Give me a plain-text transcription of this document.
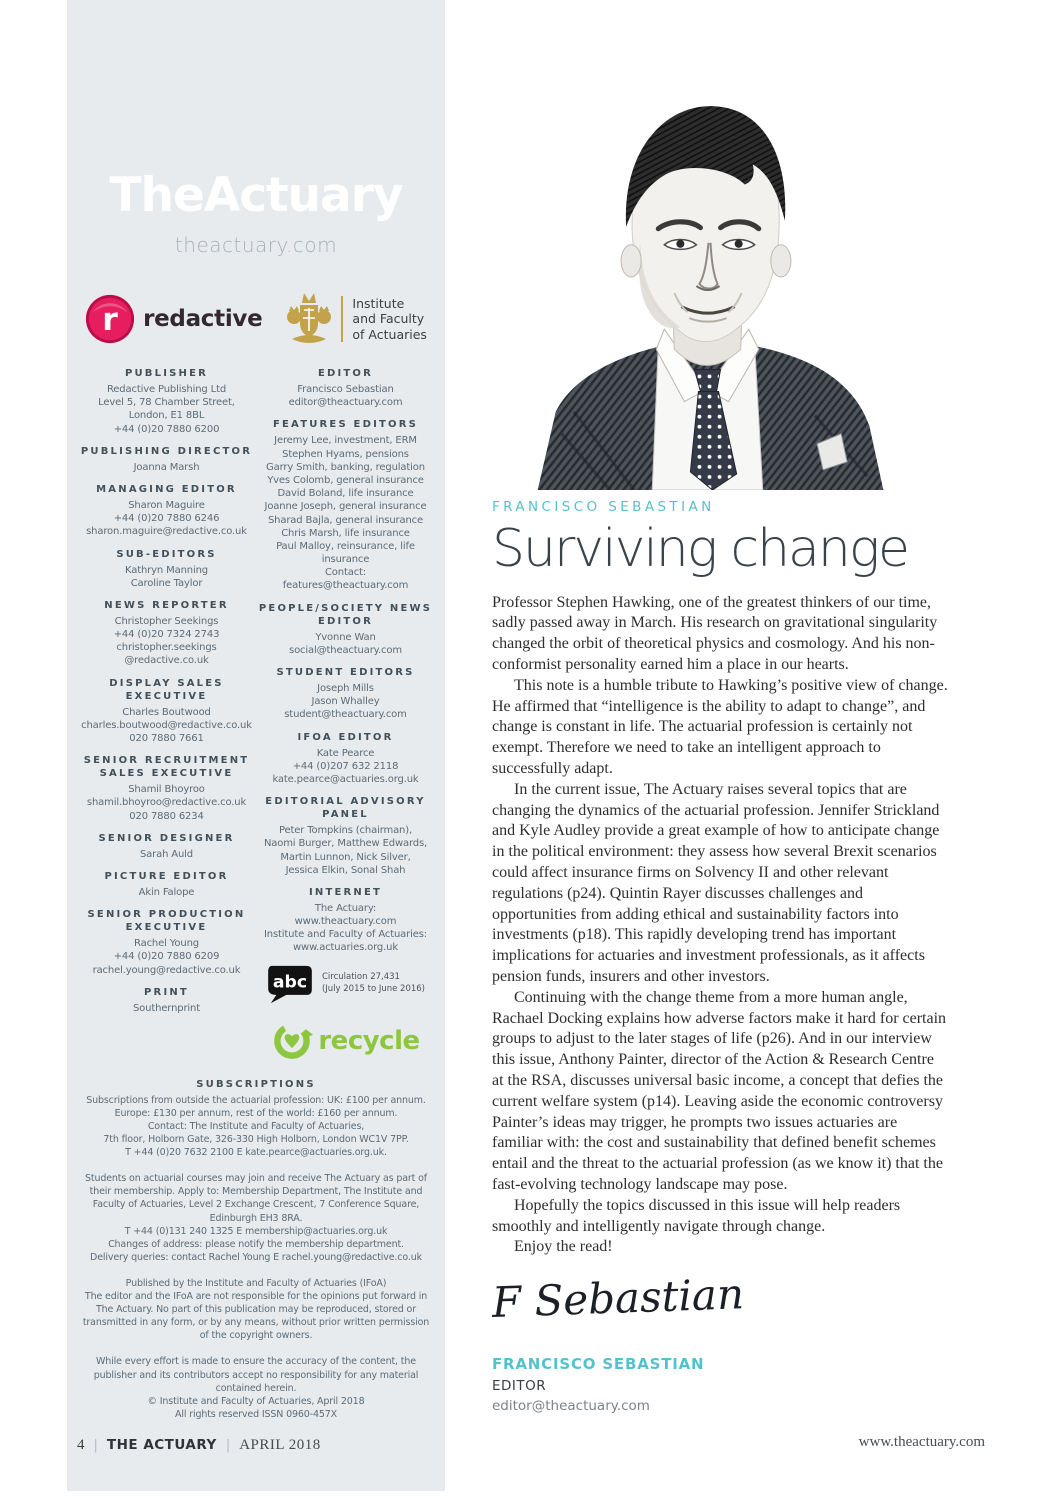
TheActuary
theactuary.com
r redactive
Institute
and Faculty
of Actuaries
PUBLISHER
Redactive Publishing Ltd
Level 5, 78 Chamber Street,
London, E1 8BL
+44 (0)20 7880 6200
PUBLISHING DIRECTOR
Joanna Marsh
MANAGING EDITOR
Sharon Maguire
+44 (0)20 7880 6246
sharon.maguire@redactive.co.uk
SUB-EDITORS
Kathryn Manning
Caroline Taylor
NEWS REPORTER
Christopher Seekings
+44 (0)20 7324 2743
christopher.seekings
@redactive.co.uk
DISPLAY SALES EXECUTIVE
Charles Boutwood
charles.boutwood@redactive.co.uk
020 7880 7661
SENIOR RECRUITMENT SALES EXECUTIVE
Shamil Bhoyroo
shamil.bhoyroo@redactive.co.uk
020 7880 6234
SENIOR DESIGNER
Sarah Auld
PICTURE EDITOR
Akin Falope
SENIOR PRODUCTION EXECUTIVE
Rachel Young
+44 (0)20 7880 6209
rachel.young@redactive.co.uk
PRINT
Southernprint
EDITOR
Francisco Sebastian
editor@theactuary.com
FEATURES EDITORS
Jeremy Lee, investment, ERM
Stephen Hyams, pensions
Garry Smith, banking, regulation
Yves Colomb, general insurance
David Boland, life insurance
Joanne Joseph, general insurance
Sharad Bajla, general insurance
Chris Marsh, life insurance
Paul Malloy, reinsurance, life insurance
Contact:
features@theactuary.com
PEOPLE/SOCIETY NEWS EDITOR
Yvonne Wan
social@theactuary.com
STUDENT EDITORS
Joseph Mills
Jason Whalley
student@theactuary.com
IFOA EDITOR
Kate Pearce
+44 (0)207 632 2118
kate.pearce@actuaries.org.uk
EDITORIAL ADVISORY PANEL
Peter Tompkins (chairman),
Naomi Burger, Matthew Edwards,
Martin Lunnon, Nick Silver,
Jessica Elkin, Sonal Shah
INTERNET
The Actuary:
www.theactuary.com
Institute and Faculty of Actuaries:
www.actuaries.org.uk
abc Circulation 27,431
(July 2015 to June 2016)
recycle
SUBSCRIPTIONS
Subscriptions from outside the actuarial profession: UK: £100 per annum. Europe: £130 per annum, rest of the world: £160 per annum.
Contact: The Institute and Faculty of Actuaries,
7th floor, Holborn Gate, 326-330 High Holborn, London WC1V 7PP.
T +44 (0)20 7632 2100 E kate.pearce@actuaries.org.uk.
Students on actuarial courses may join and receive The Actuary as part of their membership. Apply to: Membership Department, The Institute and Faculty of Actuaries, Level 2 Exchange Crescent, 7 Conference Square, Edinburgh EH3 8RA.
T +44 (0)131 240 1325 E membership@actuaries.org.uk
Changes of address: please notify the membership department.
Delivery queries: contact Rachel Young E rachel.young@redactive.co.uk
Published by the Institute and Faculty of Actuaries (IFoA)
The editor and the IFoA are not responsible for the opinions put forward in The Actuary. No part of this publication may be reproduced, stored or transmitted in any form, or by any means, without prior written permission of the copyright owners.
While every effort is made to ensure the accuracy of the content, the publisher and its contributors accept no responsibility for any material contained herein.
© Institute and Faculty of Actuaries, April 2018
All rights reserved ISSN 0960-457X
FRANCISCO SEBASTIAN
Surviving change
Professor Stephen Hawking, one of the greatest thinkers of our time, sadly passed away in March. His research on gravitational singularity changed the orbit of theoretical physics and cosmology. And his non-conformist personality earned him a place in our hearts.
This note is a humble tribute to Hawking’s positive view of change. He affirmed that “intelligence is the ability to adapt to change”, and change is constant in life. The actuarial profession is certainly not exempt. Therefore we need to take an intelligent approach to successfully adapt.
In the current issue, The Actuary raises several topics that are changing the dynamics of the actuarial profession. Jennifer Strickland and Kyle Audley provide a great example of how to anticipate change in the political environment: they assess how several Brexit scenarios could affect insurance firms on Solvency II and other relevant regulations (p24). Quintin Rayer discusses challenges and opportunities from adding ethical and sustainability factors into investments (p18). This rapidly developing trend has important implications for actuaries and investment professionals, as it affects pension funds, insurers and other investors.
Continuing with the change theme from a more human angle, Rachael Docking explains how adverse factors make it hard for certain groups to adjust to the later stages of life (p26). And in our interview this issue, Anthony Painter, director of the Action & Research Centre at the RSA, discusses universal basic income, a concept that defies the current welfare system (p14). Leaving aside the economic controversy Painter’s ideas may trigger, he prompts two issues actuaries are familiar with: the cost and sustainability that defined benefit schemes entail and the threat to the actuarial profession (as we know it) that the fast-evolving technology landscape may pose.
Hopefully the topics discussed in this issue will help readers smoothly and intelligently navigate through change.
Enjoy the read!
F Sebastian
FRANCISCO SEBASTIAN
EDITOR
editor@theactuary.com
4 | THE ACTUARY | APRIL 2018	www.theactuary.com
